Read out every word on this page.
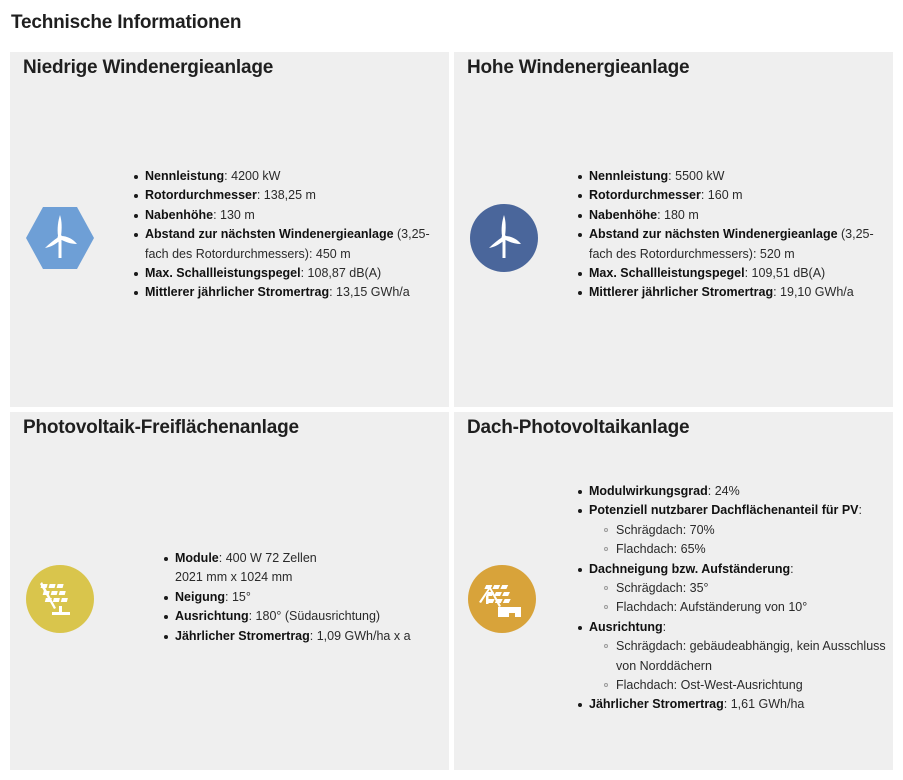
Technische Informationen
Niedrige Windenergieanlage
Nennleistung: 4200 kW
Rotordurchmesser: 138,25 m
Nabenhöhe: 130 m
Abstand zur nächsten Windenergieanlage (3,25-fach des Rotordurchmessers): 450 m
Max. Schallleistungspegel: 108,87 dB(A)
Mittlerer jährlicher Stromertrag: 13,15 GWh/a
Hohe Windenergieanlage
Nennleistung: 5500 kW
Rotordurchmesser: 160 m
Nabenhöhe: 180 m
Abstand zur nächsten Windenergieanlage (3,25-fach des Rotordurchmessers): 520 m
Max. Schallleistungspegel: 109,51 dB(A)
Mittlerer jährlicher Stromertrag: 19,10 GWh/a
Photovoltaik-Freiflächenanlage
Module: 400 W 72 Zellen
2021 mm x 1024 mm
Neigung: 15°
Ausrichtung: 180° (Südausrichtung)
Jährlicher Stromertrag: 1,09 GWh/ha x a
Dach-Photovoltaikanlage
Modulwirkungsgrad: 24%
Potenziell nutzbarer Dachflächenanteil für PV:
Schrägdach: 70%
Flachdach: 65%
Dachneigung bzw. Aufständerung:
Schrägdach: 35°
Flachdach: Aufständerung von 10°
Ausrichtung:
Schrägdach: gebäudeabhängig, kein Ausschluss von Norddächern
Flachdach: Ost-West-Ausrichtung
Jährlicher Stromertrag: 1,61 GWh/ha
